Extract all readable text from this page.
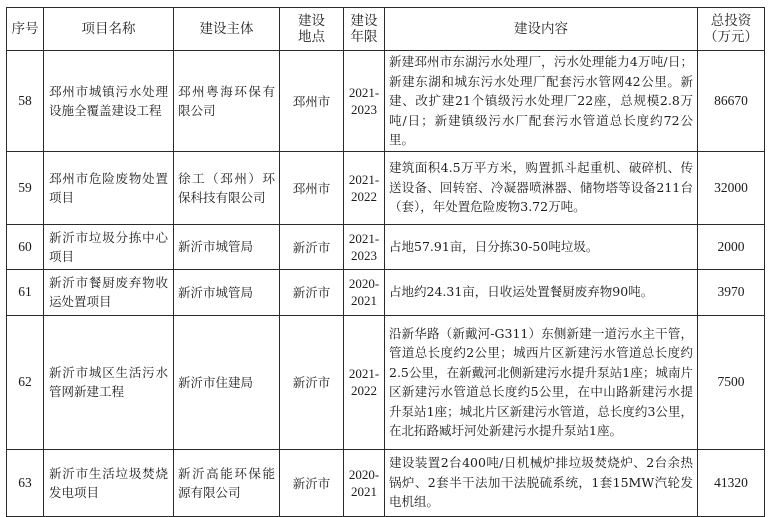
序号	项目名称	建设主体	建设地点	建设年限	建设内容	总投资（万元）

58	邳州市城镇污水处理设施全覆盖建设工程	邳州粤海环保有限公司	邳州市	2021-2023	新建邳州市东湖污水处理厂，污水处理能力4万吨/日；新建东湖和城东污水处理厂配套污水管网42公里。新建、改扩建21个镇级污水处理厂22座，总规模2.8万吨/日；新建镇级污水厂配套污水管道总长度约72公里。	86670
59	邳州市危险废物处置项目	徐工（邳州）环保科技有限公司	邳州市	2021-2022	建筑面积4.5万平方米，购置抓斗起重机、破碎机、传送设备、回转窑、冷凝器喷淋器、储物塔等设备211台（套），年处置危险废物3.72万吨。	32000
60	新沂市垃圾分拣中心项目	新沂市城管局	新沂市	2021-2023	占地57.91亩，日分拣30-50吨垃圾。	2000
61	新沂市餐厨废弃物收运处置项目	新沂市城管局	新沂市	2020-2021	占地约24.31亩，日收运处置餐厨废弃物90吨。	3970
62	新沂市城区生活污水管网新建工程	新沂市住建局	新沂市	2021-2022	沿新华路（新戴河-G311）东侧新建一道污水主干管，管道总长度约2公里；城西片区新建污水管道总长度约2.5公里，在新戴河北侧新建污水提升泵站1座；城南片区新建污水管道总长度约5公里，在中山路新建污水提升泵站1座；城北片区新建污水管道，总长度约3公里，在北拓路臧圩河处新建污水提升泵站1座。	7500
63	新沂市生活垃圾焚烧发电项目	新沂高能环保能源有限公司	新沂市	2020-2021	建设装置2台400吨/日机械炉排垃圾焚烧炉、2台余热锅炉、2套半干法加干法脱硫系统，1套15MW汽轮发电机组。	41320
